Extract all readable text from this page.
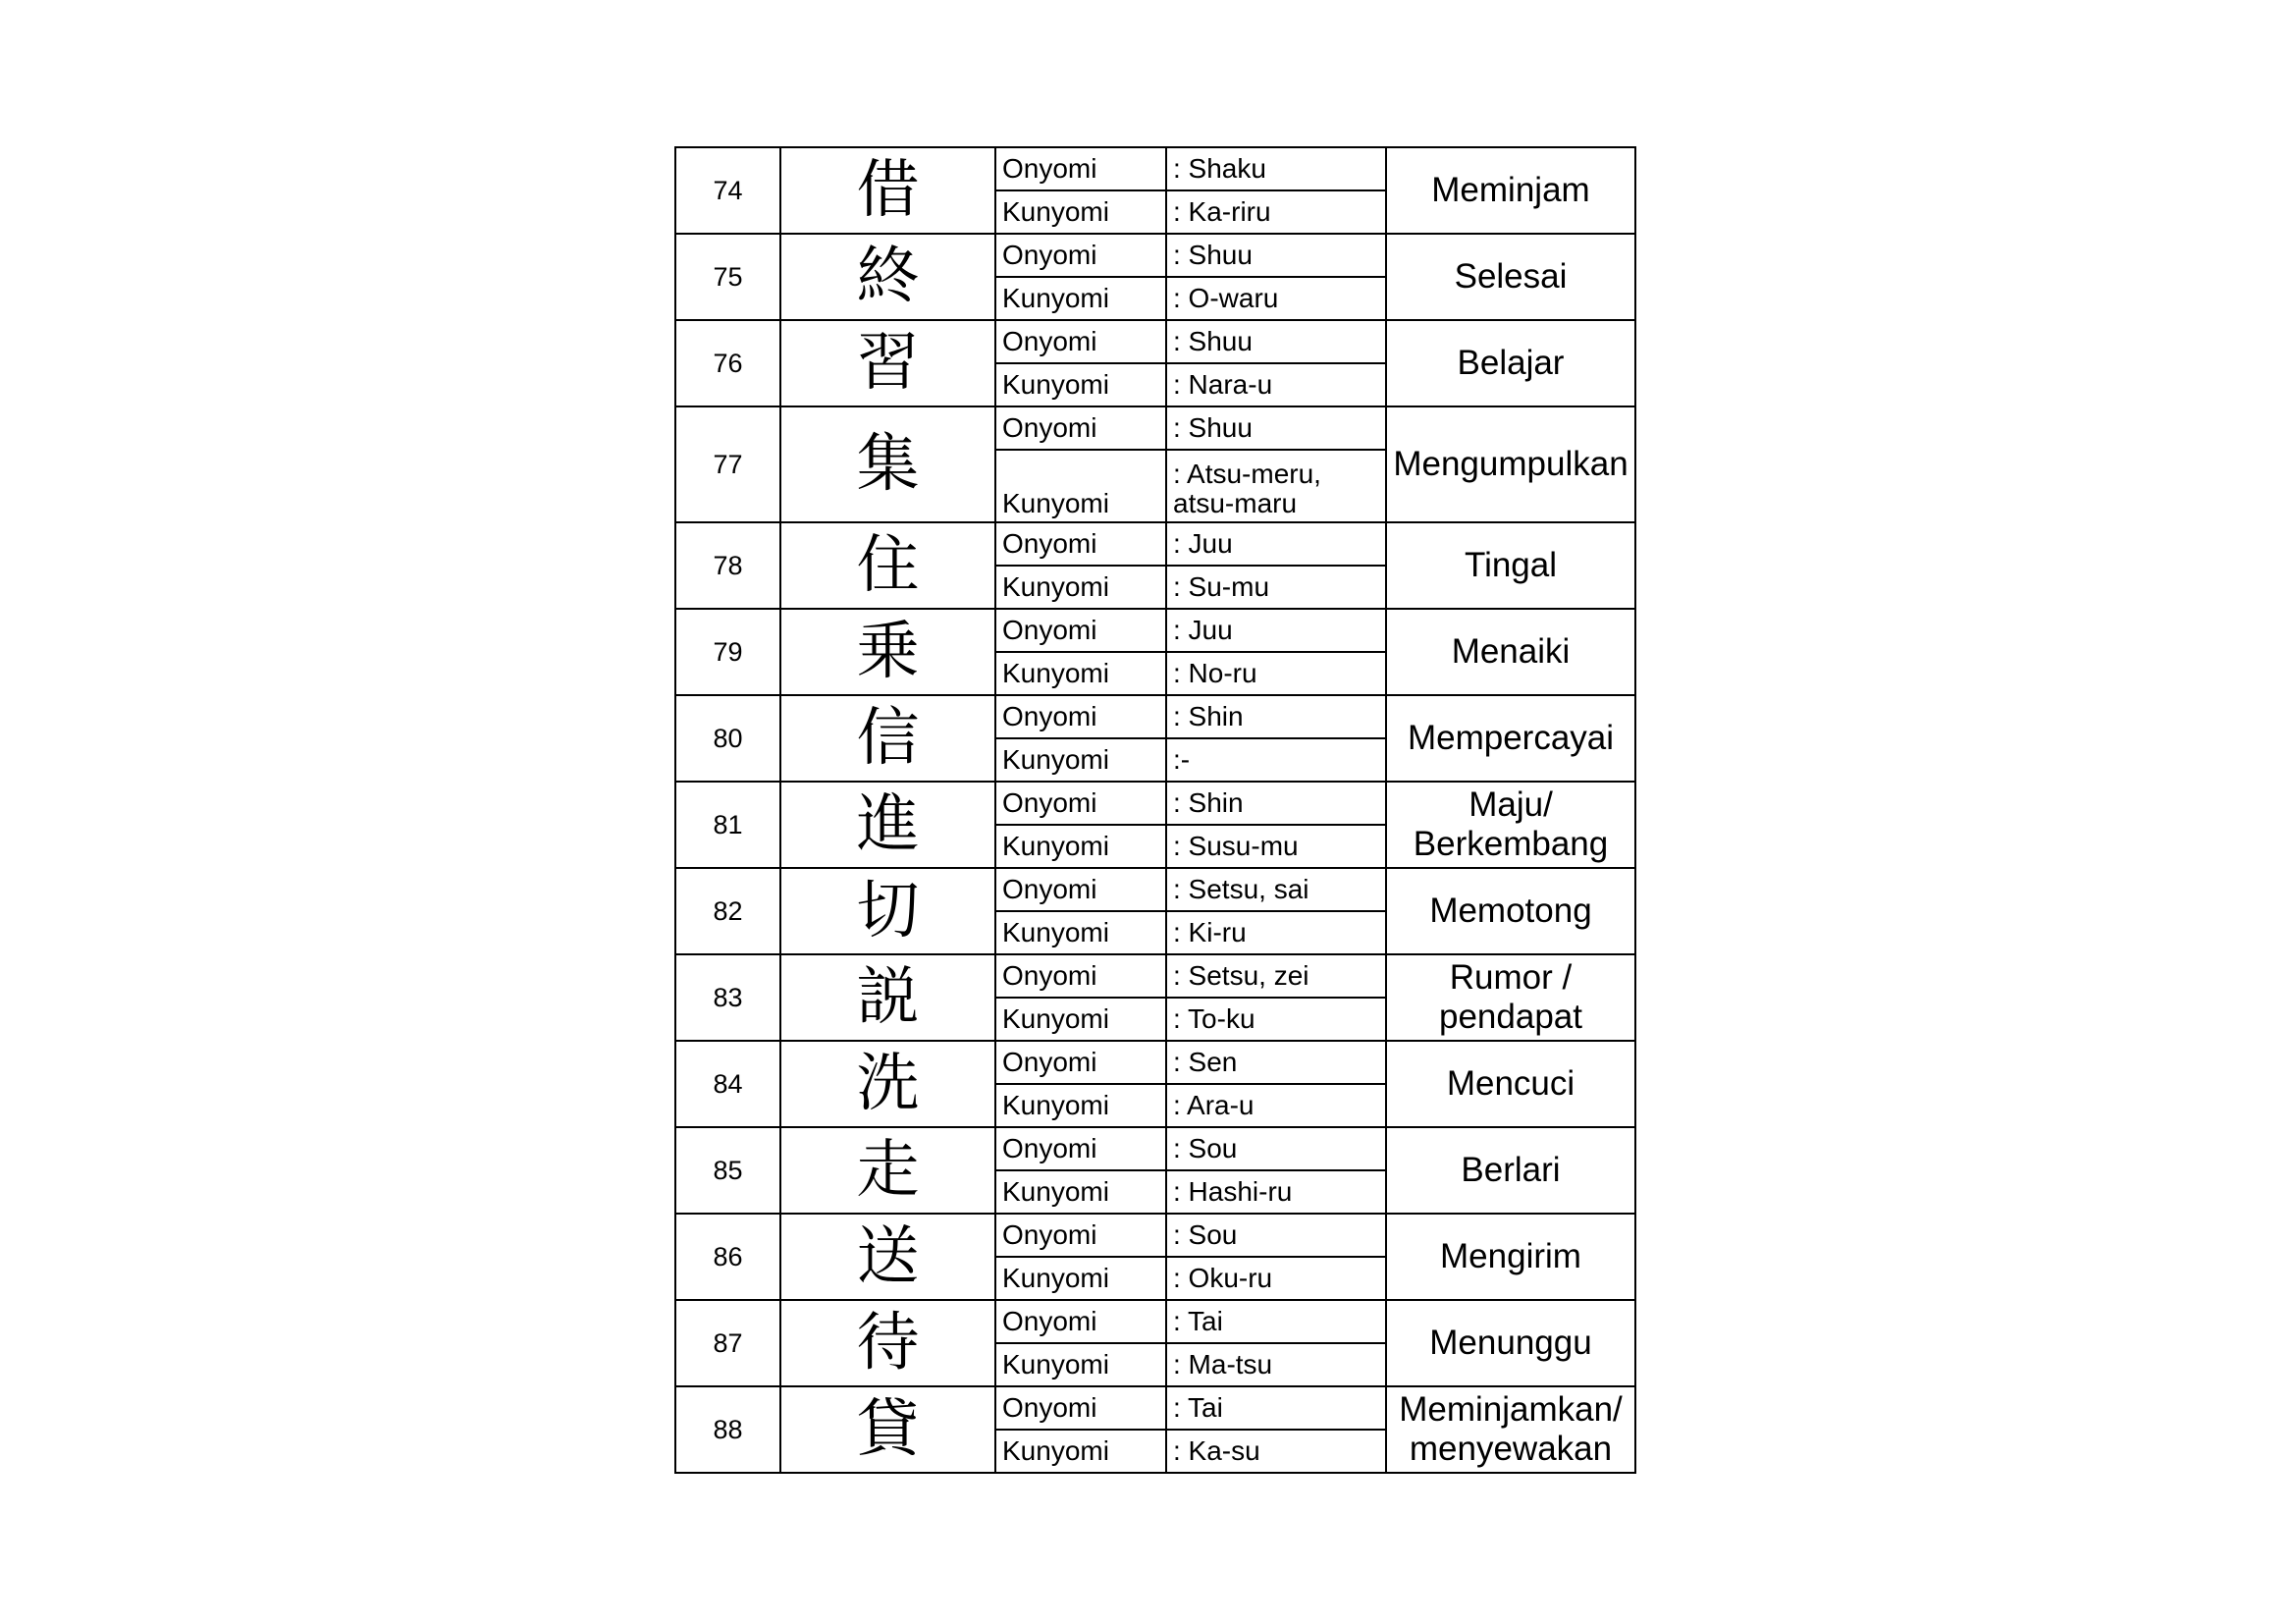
74	借	Onyomi	: Shaku	Meminjam
		Kunyomi	: Ka-riru	
75	終	Onyomi	: Shuu	Selesai
		Kunyomi	: O-waru	
76	習	Onyomi	: Shuu	Belajar
		Kunyomi	: Nara-u	
77	集	Onyomi	: Shuu	Mengumpulkan
		Kunyomi	: Atsu-meru, atsu-maru	
78	住	Onyomi	: Juu	Tingal
		Kunyomi	: Su-mu	
79	乗	Onyomi	: Juu	Menaiki
		Kunyomi	: No-ru	
80	信	Onyomi	: Shin	Mempercayai
		Kunyomi	:-	
81	進	Onyomi	: Shin	Maju/ Berkembang
		Kunyomi	: Susu-mu	
82	切	Onyomi	: Setsu, sai	Memotong
		Kunyomi	: Ki-ru	
83	説	Onyomi	: Setsu, zei	Rumor / pendapat
		Kunyomi	: To-ku	
84	洗	Onyomi	: Sen	Mencuci
		Kunyomi	: Ara-u	
85	走	Onyomi	: Sou	Berlari
		Kunyomi	: Hashi-ru	
86	送	Onyomi	: Sou	Mengirim
		Kunyomi	: Oku-ru	
87	待	Onyomi	: Tai	Menunggu
		Kunyomi	: Ma-tsu	
88	貸	Onyomi	: Tai	Meminjamkan/ menyewakan
		Kunyomi	: Ka-su	
